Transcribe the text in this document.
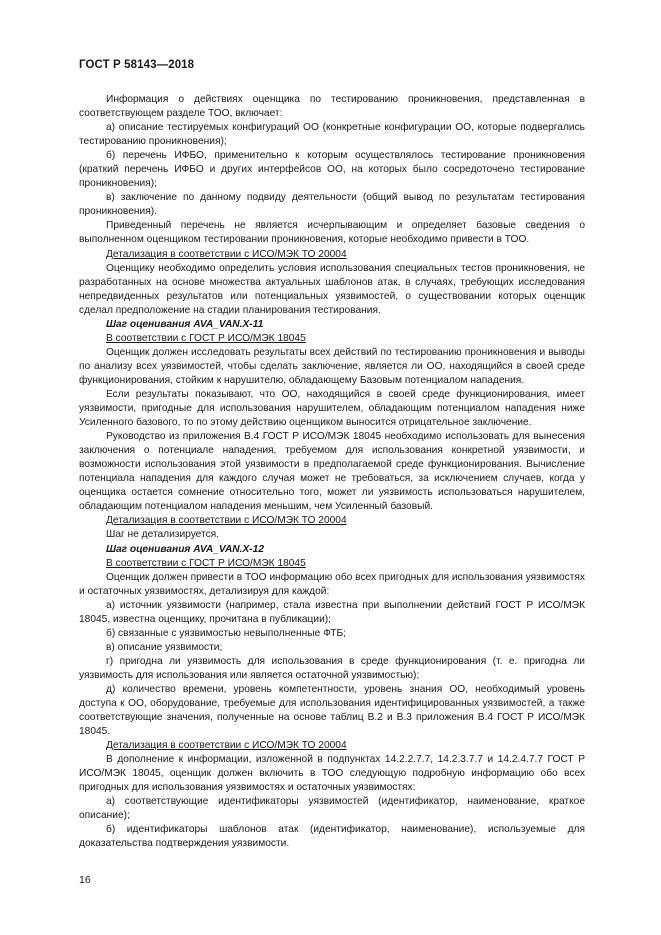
ГОСТ Р 58143—2018

Информация о действиях оценщика по тестированию проникновения, представленная в соответствующем разделе ТОО, включает:

а) описание тестируемых конфигураций ОО (конкретные конфигурации ОО, которые подвергались тестированию проникновения);

б) перечень ИФБО, применительно к которым осуществлялось тестирование проникновения (краткий перечень ИФБО и других интерфейсов ОО, на которых было сосредоточено тестирование проникновения);

в) заключение по данному подвиду деятельности (общий вывод по результатам тестирования проникновения).

Приведенный перечень не является исчерпывающим и определяет базовые сведения о выполненном оценщиком тестировании проникновения, которые необходимо привести в ТОО.

Детализация в соответствии с ИСО/МЭК ТО 20004

Оценщику необходимо определить условия использования специальных тестов проникновения, не разработанных на основе множества актуальных шаблонов атак, в случаях, требующих исследования непредвиденных результатов или потенциальных уязвимостей, о существовании которых оценщик сделал предположение на стадии планирования тестирования.

Шаг оценивания AVA_VAN.X-11

В соответствии с ГОСТ Р ИСО/МЭК 18045

Оценщик должен исследовать результаты всех действий по тестированию проникновения и выводы по анализу всех уязвимостей, чтобы сделать заключение, является ли ОО, находящийся в своей среде функционирования, стойким к нарушителю, обладающему Базовым потенциалом нападения.

Если результаты показывают, что ОО, находящийся в своей среде функционирования, имеет уязвимости, пригодные для использования нарушителем, обладающим потенциалом нападения ниже Усиленного базового, то по этому действию оценщиком выносится отрицательное заключение.

Руководство из приложения В.4 ГОСТ Р ИСО/МЭК 18045 необходимо использовать для вынесения заключения о потенциале нападения, требуемом для использования конкретной уязвимости, и возможности использования этой уязвимости в предполагаемой среде функционирования. Вычисление потенциала нападения для каждого случая может не требоваться, за исключением случаев, когда у оценщика остается сомнение относительно того, может ли уязвимость использоваться нарушителем, обладающим потенциалом нападения меньшим, чем Усиленный базовый.

Детализация в соответствии с ИСО/МЭК ТО 20004

Шаг не детализируется.

Шаг оценивания AVA_VAN.X-12

В соответствии с ГОСТ Р ИСО/МЭК 18045

Оценщик должен привести в ТОО информацию обо всех пригодных для использования уязвимостях и остаточных уязвимостях, детализируя для каждой:

а) источник уязвимости (например, стала известна при выполнении действий ГОСТ Р ИСО/МЭК 18045, известна оценщику, прочитана в публикации);

б) связанные с уязвимостью невыполненные ФТБ;

в) описание уязвимости;

г) пригодна ли уязвимость для использования в среде функционирования (т. е. пригодна ли уязвимость для использования или является остаточной уязвимостью);

д) количество времени, уровень компетентности, уровень знания ОО, необходимый уровень доступа к ОО, оборудование, требуемые для использования идентифицированных уязвимостей, а также соответствующие значения, полученные на основе таблиц В.2 и В.3 приложения В.4 ГОСТ Р ИСО/МЭК 18045.

Детализация в соответствии с ИСО/МЭК ТО 20004

В дополнение к информации, изложенной в подпунктах 14.2.2.7.7, 14.2.3.7.7 и 14.2.4.7.7 ГОСТ Р ИСО/МЭК 18045, оценщик должен включить в ТОО следующую подробную информацию обо всех пригодных для использования уязвимостях и остаточных уязвимостях:

а) соответствующие идентификаторы уязвимостей (идентификатор, наименование, краткое описание);

б) идентификаторы шаблонов атак (идентификатор, наименование), используемые для доказательства подтверждения уязвимости.

16
